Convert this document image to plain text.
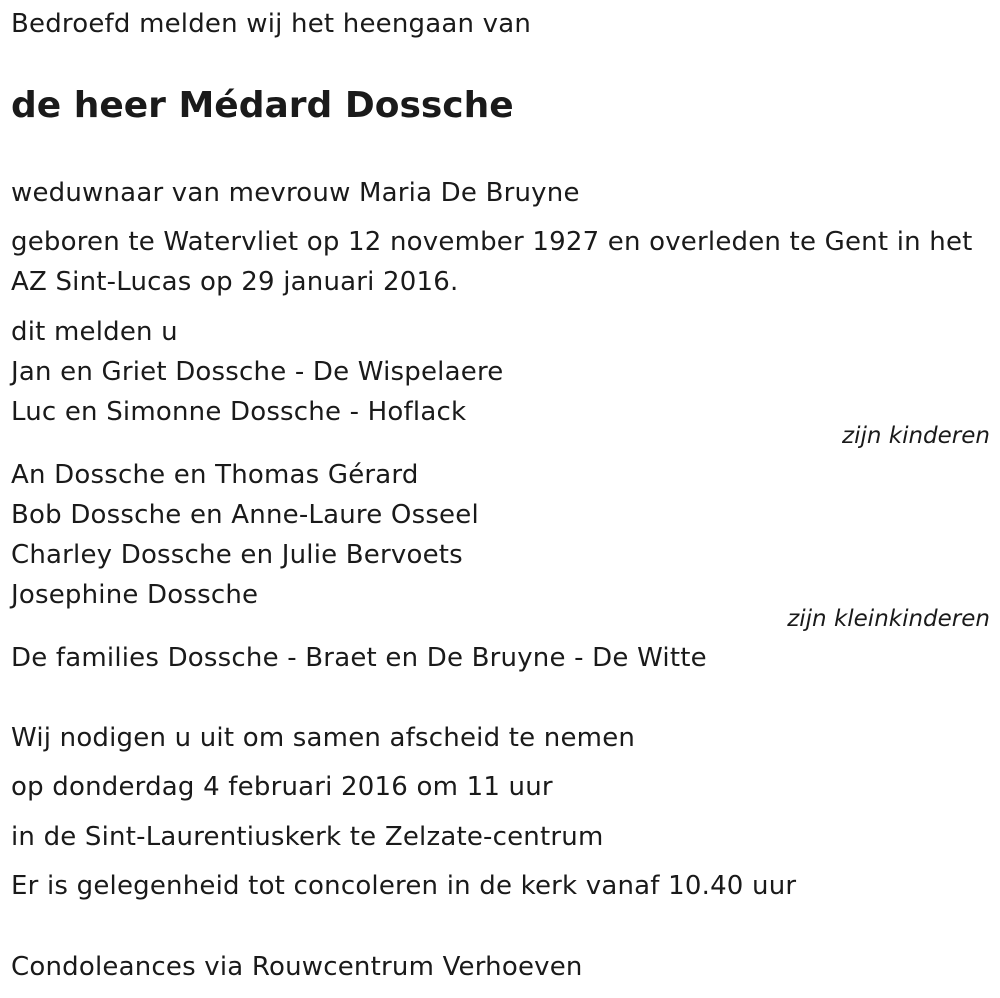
Bedroefd melden wij het heengaan van
de heer Médard Dossche
weduwnaar van mevrouw Maria De Bruyne
geboren te Watervliet op 12 november 1927 en overleden te Gent in het
AZ Sint-Lucas op 29 januari 2016.
dit melden u
Jan en Griet Dossche - De Wispelaere
Luc en Simonne Dossche - Hoflack
zijn kinderen
An Dossche en Thomas Gérard
Bob Dossche en Anne-Laure Osseel
Charley Dossche en Julie Bervoets
Josephine Dossche
zijn kleinkinderen
De families Dossche - Braet en De Bruyne - De Witte
Wij nodigen u uit om samen afscheid te nemen
op donderdag 4 februari 2016 om 11 uur
in de Sint-Laurentiuskerk te Zelzate-centrum
Er is gelegenheid tot concoleren in de kerk vanaf 10.40 uur
Condoleances via Rouwcentrum Verhoeven
